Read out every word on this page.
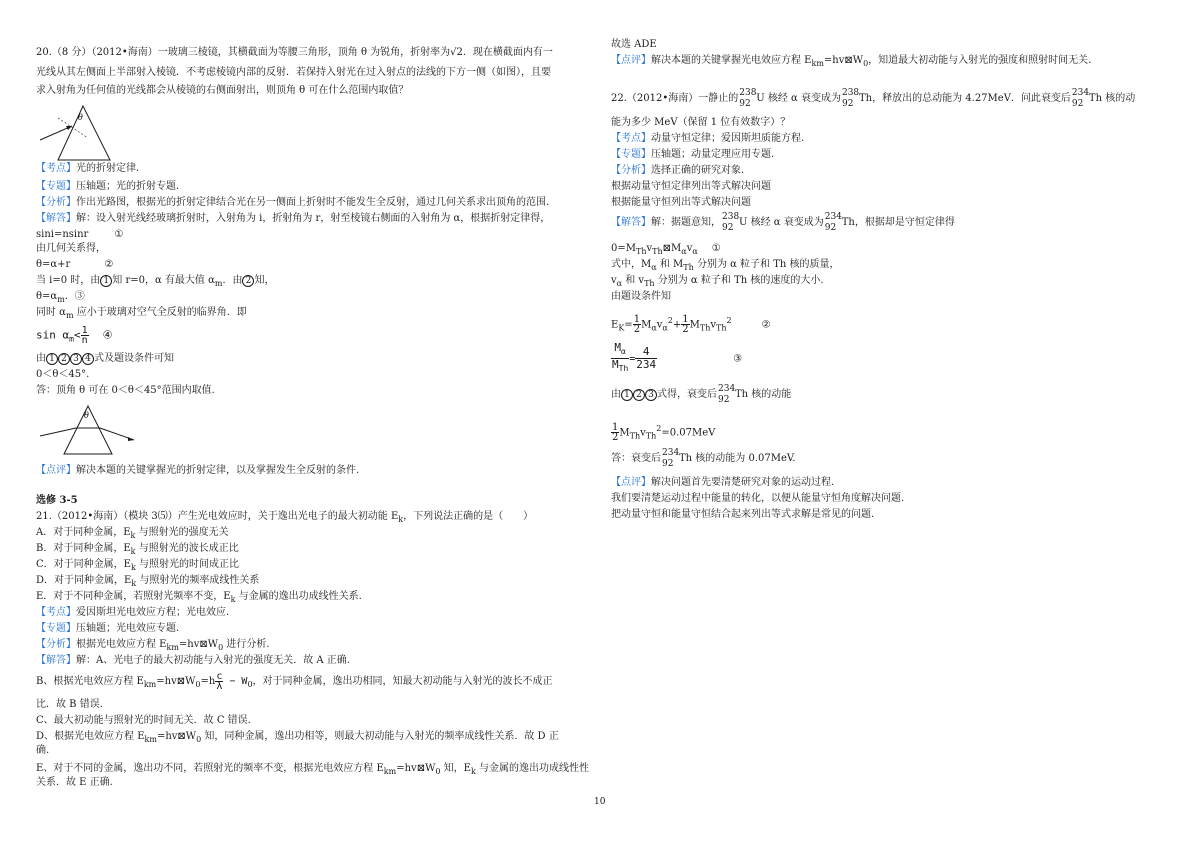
20.（8 分）（2012•海南）一玻璃三棱镜，其横截面为等腰三角形，顶角 θ 为锐角，折射率为√2．现在横截面内有一
光线从其左侧面上半部射入棱镜．不考虑棱镜内部的反射．若保持入射光在过入射点的法线的下方一侧（如图），且要
求入射角为任何值的光线都会从棱镜的右侧面射出，则顶角 θ 可在什么范围内取值？
θ
【考点】光的折射定律.
【专题】压轴题；光的折射专题.
【分析】作出光路图，根据光的折射定律结合光在另一侧面上折射时不能发生全反射，通过几何关系求出顶角的范围.
【解答】解：设入射光线经玻璃折射时，入射角为 i，折射角为 r，射至棱镜右侧面的入射角为 α，根据折射定律得，
sini=nsinr	①
由几何关系得，
θ=α+r	②
当 i=0 时，由 1 知 r=0，α 有最大值 $\alpha_m$．由 2 知，
$\theta=\alpha_m$．③
同时 $\alpha_m$ 应小于玻璃对空气全反射的临界角．即
$\sin \alpha_m< \frac{1}{n}$ ④
由 1 2 3 4 式及题设条件可知
0＜θ＜45°.
答：顶角 θ 可在 0＜θ＜45°范围内取值.
θ
【点评】解决本题的关键掌握光的折射定律，以及掌握发生全反射的条件.
选修 3-5
21.（2012•海南）（模块 3⑸）产生光电效应时，关于逸出光电子的最大初动能 $E_k$，下列说法正确的是（　　）
A．对于同种金属，$E_k$ 与照射光的强度无关
B．对于同种金属，$E_k$ 与照射光的波长成正比
C．对于同种金属，$E_k$ 与照射光的时间成正比
D．对于同种金属，$E_k$ 与照射光的频率成线性关系
E．对于不同种金属，若照射光频率不变，$E_k$ 与金属的逸出功成线性关系.
【考点】爱因斯坦光电效应方程；光电效应.
【专题】压轴题；光电效应专题.
【分析】根据光电效应方程 $E_{km}=hv⊠W_0$ 进行分析.
【解答】解：A、光电子的最大初动能与入射光的强度无关．故 A 正确.
B、根据光电效应方程 $E_{km}=hv⊠W_0=h \frac{c}{\lambda} - W_0$，对于同种金属，逸出功相同，知最大初动能与入射光的波长不成正
比．故 B 错误.
C、最大初动能与照射光的时间无关．故 C 错误.
D、根据光电效应方程 $E_{km}=hv⊠W_0$ 知，同种金属，逸出功相等，则最大初动能与入射光的频率成线性关系．故 D 正
确.
E、对于不同的金属，逸出功不同，若照射光的频率不变，根据光电效应方程 $E_{km}=hv⊠W_0$ 知，$E_k$ 与金属的逸出功成线性性
关系．故 E 正确.
故选 ADE
【点评】解决本题的关键掌握光电效应方程 $E_{km}=hv⊠W_0$，知道最大初动能与入射光的强度和照射时间无关.
22.（2012•海南）一静止的
238
92 U 核经 α 衰变成为
238
92 Th，释放出的总动能为 4.27MeV．问此衰变后
234
92 Th 核的动
能为多少 MeV（保留 1 位有效数字）？
【考点】动量守恒定律；爱因斯坦质能方程.
【专题】压轴题；动量定理应用专题.
【分析】选择正确的研究对象.
根据动量守恒定律列出等式解决问题
根据能量守恒列出等式解决问题
【解答】解：据题意知，
238
92 U 核经 α 衰变成为
234
92 Th，根据却是守恒定律得
$0=M_{Th}v_{Th}⊠M_\alpha v_\alpha$ ①
式中，$M_\alpha$ 和 $M_{Th}$ 分别为 α 粒子和 Th 核的质量，
$v_\alpha$ 和 $v_{Th}$ 分别为 α 粒子和 Th 核的速度的大小.
由题设条件知
$E_K= \frac{1}{2} M_\alpha v_\alpha^2+ \frac{1}{2} M_{Th}v_{Th}^2$	②
$\frac{M_\alpha}{M_{Th}} = \frac{4}{234}$	③
由 1 2 3 式得，衰变后
234
92 Th 核的动能
$\frac{1}{2} M_{Th}v_{Th}^2=0.07MeV$
答：衰变后
234
92 Th 核的动能为 0.07MeV.
【点评】解决问题首先要清楚研究对象的运动过程.
我们要清楚运动过程中能量的转化，以便从能量守恒角度解决问题.
把动量守恒和能量守恒结合起来列出等式求解是常见的问题.
10
